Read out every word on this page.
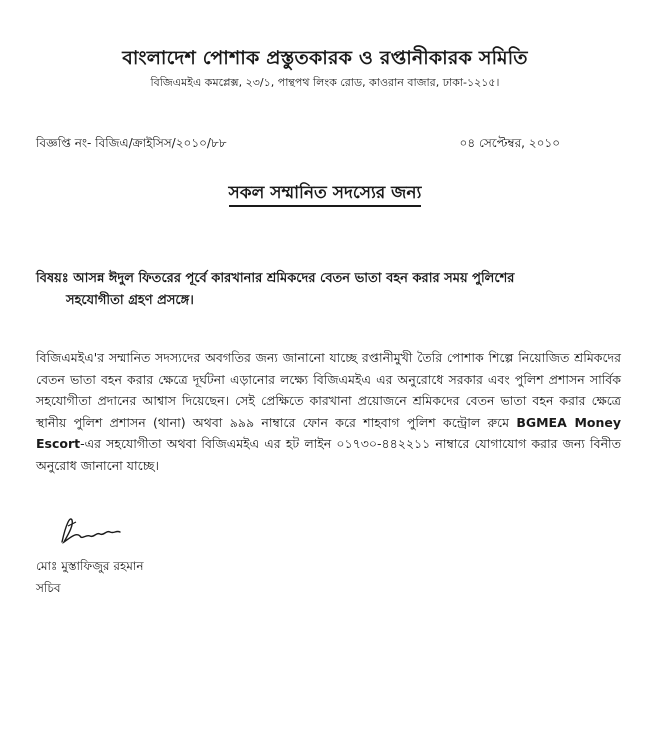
বাংলাদেশ পোশাক প্রস্তুতকারক ও রপ্তানীকারক সমিতি
বিজিএমইএ কমপ্লেক্স, ২৩/১, পান্থপথ লিংক রোড, কাওরান বাজার, ঢাকা-১২১৫।
বিজ্ঞপ্তি নং- বিজিএ/ক্রাইসিস/২০১০/৮৮	০৪ সেপ্টেম্বর, ২০১০
সকল সম্মানিত সদস্যের জন্য
বিষয়ঃ আসন্ন ঈদুল ফিতরের পূর্বে কারখানার শ্রমিকদের বেতন ভাতা বহন করার সময় পুলিশের
সহযোগীতা গ্রহণ প্রসঙ্গে।

বিজিএমইএ'র সম্মানিত সদস্যদের অবগতির জন্য জানানো যাচ্ছে রপ্তানীমুখী তৈরি পোশাক শিল্পে নিয়োজিত শ্রমিকদের বেতন ভাতা বহন করার ক্ষেত্রে দূর্ঘটনা এড়ানোর লক্ষ্যে বিজিএমইএ এর অনুরোধে সরকার এবং পুলিশ প্রশাসন সার্বিক সহযোগীতা প্রদানের আশ্বাস দিয়েছেন। সেই প্রেক্ষিতে কারখানা প্রয়োজনে শ্রমিকদের বেতন ভাতা বহন করার ক্ষেত্রে স্থানীয় পুলিশ প্রশাসন (থানা) অথবা ৯৯৯ নাম্বারে ফোন করে শাহবাগ পুলিশ কন্ট্রোল রুমে BGMEA Money Escort-এর সহযোগীতা অথবা বিজিএমইএ এর হট লাইন ০১৭৩০-৪৪২২১১ নাম্বারে যোগাযোগ করার জন্য বিনীত অনুরোধ জানানো যাচ্ছে।

মোঃ মুস্তাফিজুর রহমান
সচিব
